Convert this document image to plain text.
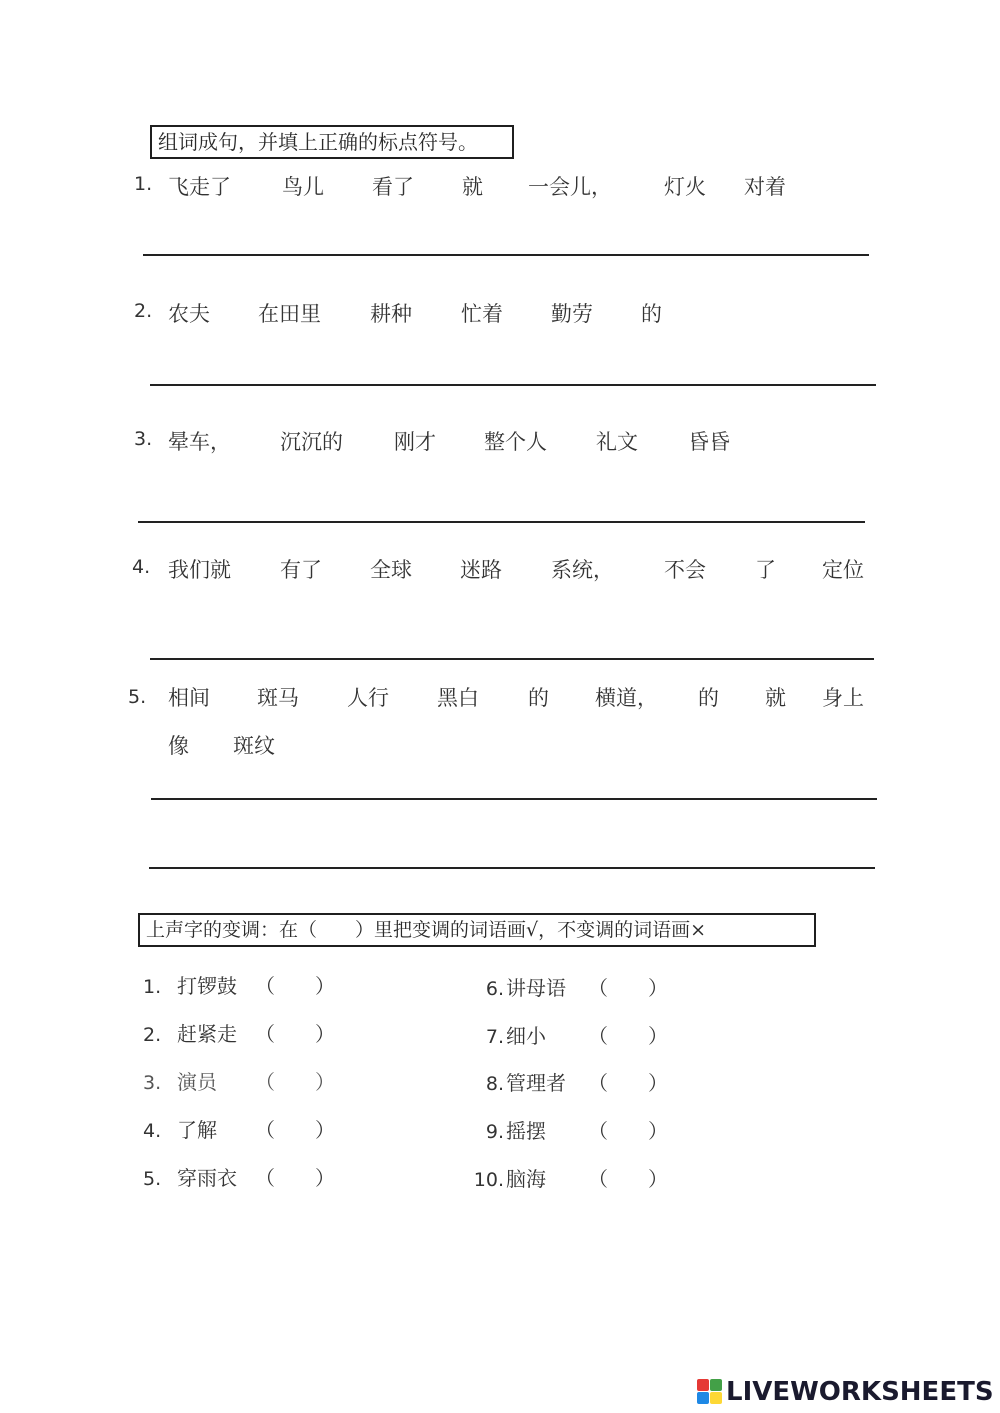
组词成句，并填上正确的标点符号。
1. 飞走了 鸟儿 看了 就 一会儿， 灯火 对着
2. 农夫 在田里 耕种 忙着 勤劳 的
3. 晕车， 沉沉的 刚才 整个人 礼文 昏昏
4. 我们就 有了 全球 迷路 系统， 不会 了 定位
5. 相间 斑马 人行 黑白 的 横道， 的 就 身上
像 斑纹
上声字的变调：在（　　）里把变调的词语画√，不变调的词语画×
1. 打锣鼓 （　　）
2. 赶紧走 （　　）
3. 演员 （　　）
4. 了解 （　　）
5. 穿雨衣 （　　）
6. 讲母语 （　　）
7. 细小 （　　）
8. 管理者 （　　）
9. 摇摆 （　　）
10. 脑海 （　　）
LIVEWORKSHEETS
